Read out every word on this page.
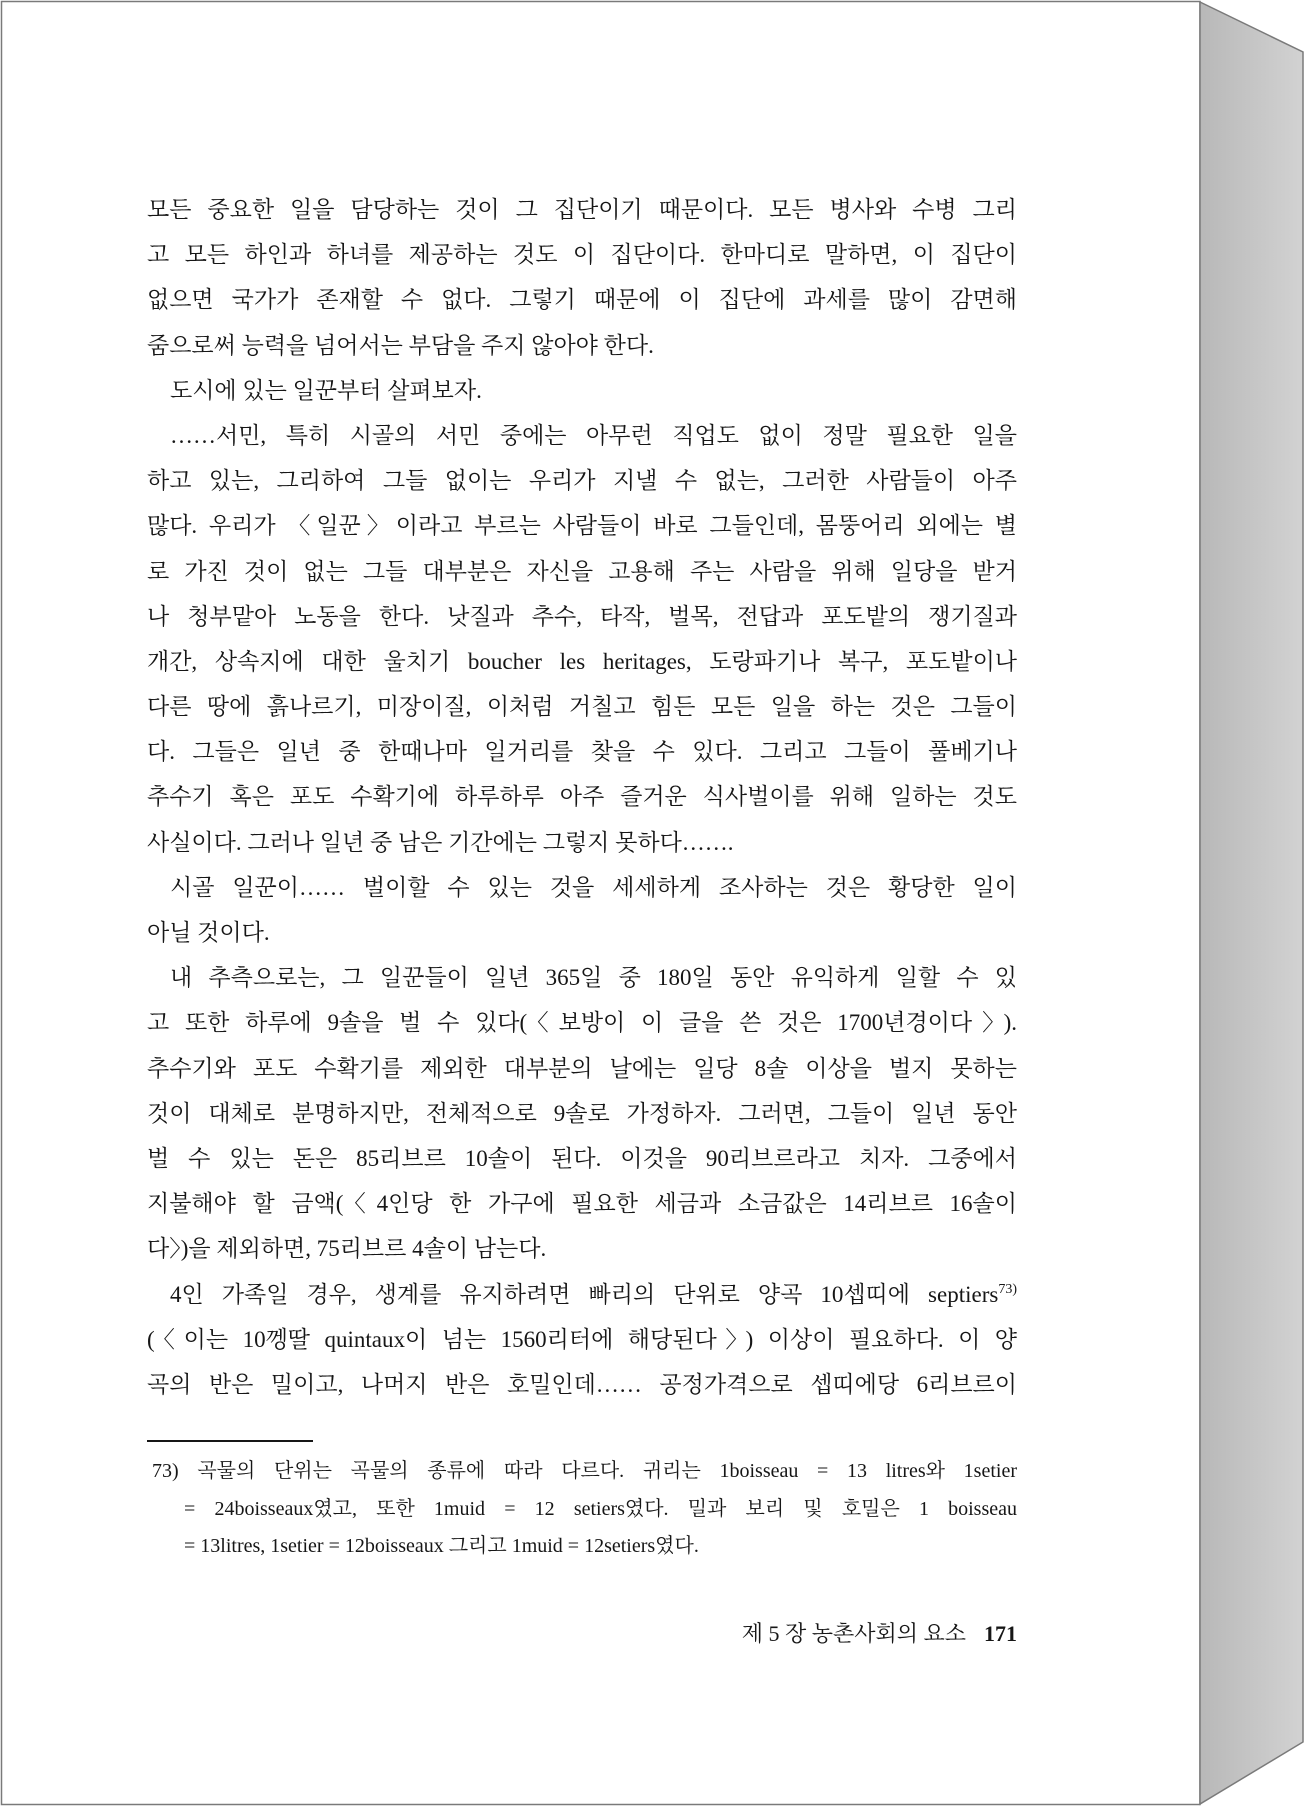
모든 중요한 일을 담당하는 것이 그 집단이기 때문이다. 모든 병사와 수병 그리
고 모든 하인과 하녀를 제공하는 것도 이 집단이다. 한마디로 말하면, 이 집단이
없으면 국가가 존재할 수 없다. 그렇기 때문에 이 집단에 과세를 많이 감면해
줌으로써 능력을 넘어서는 부담을 주지 않아야 한다.
도시에 있는 일꾼부터 살펴보자.
……서민, 특히 시골의 서민 중에는 아무런 직업도 없이 정말 필요한 일을
하고 있는, 그리하여 그들 없이는 우리가 지낼 수 없는, 그러한 사람들이 아주
많다. 우리가 〈일꾼〉이라고 부르는 사람들이 바로 그들인데, 몸뚱어리 외에는 별
로 가진 것이 없는 그들 대부분은 자신을 고용해 주는 사람을 위해 일당을 받거
나 청부맡아 노동을 한다. 낫질과 추수, 타작, 벌목, 전답과 포도밭의 쟁기질과
개간, 상속지에 대한 울치기 boucher les heritages, 도랑파기나 복구, 포도밭이나
다른 땅에 흙나르기, 미장이질, 이처럼 거칠고 힘든 모든 일을 하는 것은 그들이
다. 그들은 일년 중 한때나마 일거리를 찾을 수 있다. 그리고 그들이 풀베기나
추수기 혹은 포도 수확기에 하루하루 아주 즐거운 식사벌이를 위해 일하는 것도
사실이다. 그러나 일년 중 남은 기간에는 그렇지 못하다…….
시골 일꾼이…… 벌이할 수 있는 것을 세세하게 조사하는 것은 황당한 일이
아닐 것이다.
내 추측으로는, 그 일꾼들이 일년 365일 중 180일 동안 유익하게 일할 수 있
고 또한 하루에 9솔을 벌 수 있다(〈보방이 이 글을 쓴 것은 1700년경이다〉).
추수기와 포도 수확기를 제외한 대부분의 날에는 일당 8솔 이상을 벌지 못하는
것이 대체로 분명하지만, 전체적으로 9솔로 가정하자. 그러면, 그들이 일년 동안
벌 수 있는 돈은 85리브르 10솔이 된다. 이것을 90리브르라고 치자. 그중에서
지불해야 할 금액(〈4인당 한 가구에 필요한 세금과 소금값은 14리브르 16솔이
다〉)을 제외하면, 75리브르 4솔이 남는다.
4인 가족일 경우, 생계를 유지하려면 빠리의 단위로 양곡 10셉띠에 septiers$^{73)}$
(〈이는 10껭딸 quintaux이 넘는 1560리터에 해당된다〉) 이상이 필요하다. 이 양
곡의 반은 밀이고, 나머지 반은 호밀인데…… 공정가격으로 셉띠에당 6리브르이
73) 곡물의 단위는 곡물의 종류에 따라 다르다. 귀리는 1boisseau = 13 litres와 1setier
= 24boisseaux였고, 또한 1muid = 12 setiers였다. 밀과 보리 및 호밀은 1 boisseau
= 13litres, 1setier = 12boisseaux 그리고 1muid = 12setiers였다.
제 5 장 농촌사회의 요소 171
